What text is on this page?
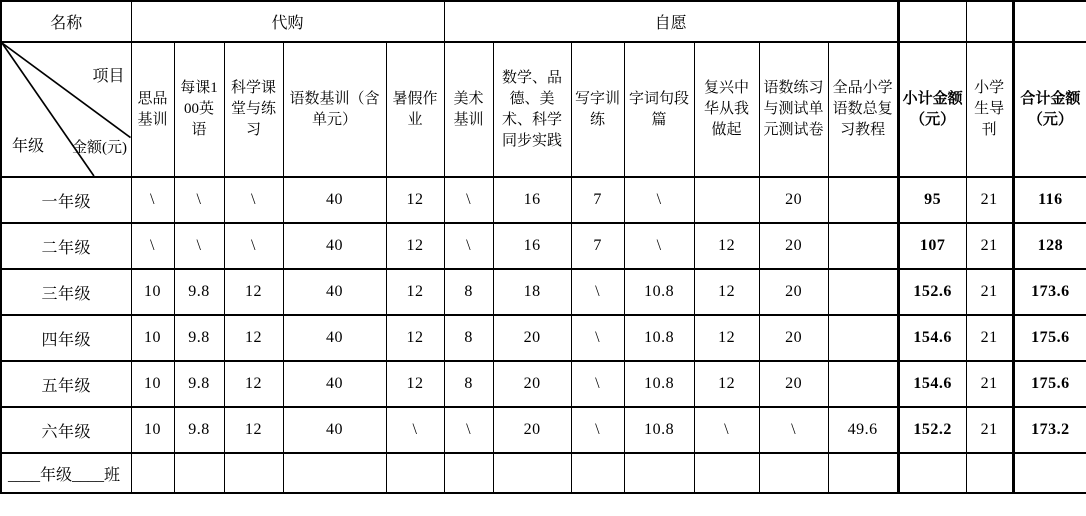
名称	代购					自愿									

项目
年级 金额(元)	思品基训	每课100英语	科学课堂与练习	语数基训（含单元）	暑假作业	美术基训	数学、品德、美术、科学同步实践	写字训练	字词句段篇	复兴中华从我做起	语数练习与测试单元测试卷	全品小学语数总复习教程	小计金额（元）	小学生导刊	合计金额（元）
一年级	\	\	\	40	12	\	16	7	\		20		95	21	116
二年级	\	\	\	40	12	\	16	7	\	12	20		107	21	128
三年级	10	9.8	12	40	12	8	18	\	10.8	12	20		152.6	21	173.6
四年级	10	9.8	12	40	12	8	20	\	10.8	12	20		154.6	21	175.6
五年级	10	9.8	12	40	12	8	20	\	10.8	12	20		154.6	21	175.6
六年级	10	9.8	12	40	\	\	20	\	10.8	\	\	49.6	152.2	21	173.2
____年级____班															
